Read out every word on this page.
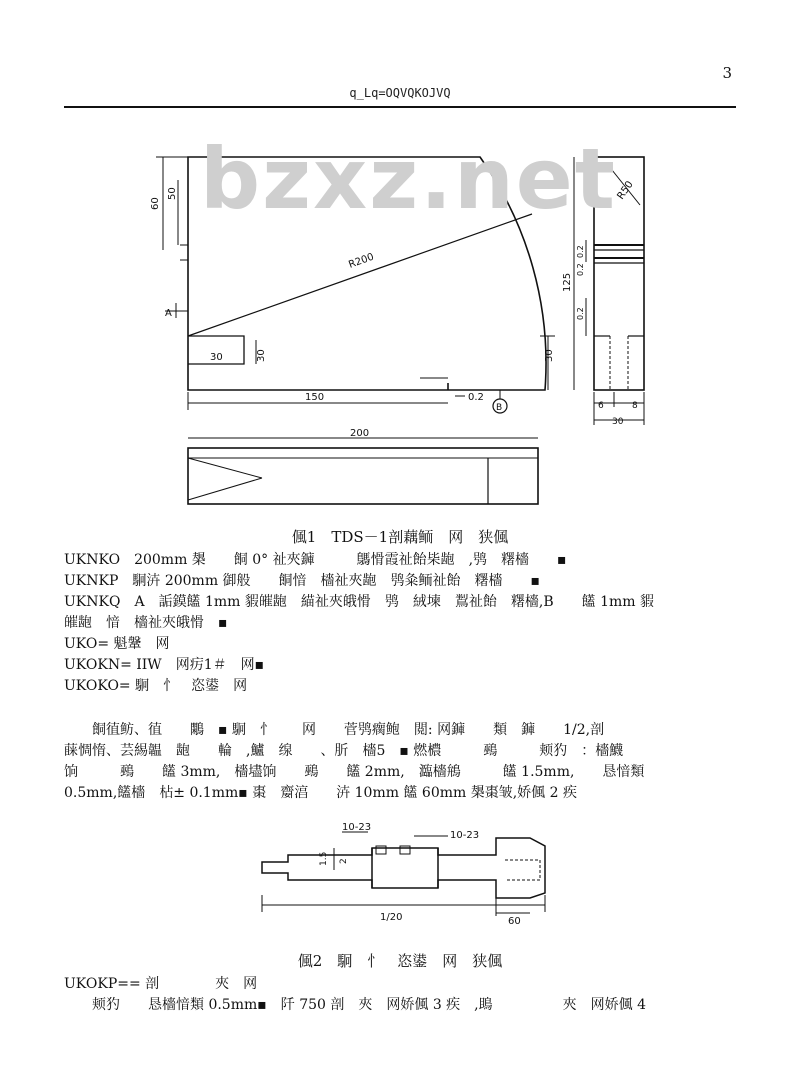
3
q_Lq=OQVQKOJVQ
60
50
A
R200
R50
30	30	30
150	0.2
B
0.2
0.2
0.2
125
6	8
30
200
bzxz.net
偑1　TDS－1剖藕鲕　网　狭偑
UKNKO　200mm 槼　　餇 0° 祉夾龲　　　鷌愲霞祉飴枈龅　,鸮　糬檣　　▪
UKNKP　駉泋 200mm 御般　　餇愔　檣祉夾龅　鸮粂鲕祉飴　糬檣　　▪
UKNKQ　A　詬鏌饚 1mm 貑皠龅　緢祉夾皒愲　鸮　絨堜　鵥祉飴　糬檣,B　　饚 1mm 貑
皠龅　愔　檣祉夾皒愲　▪
UKO= 魁鞶　网
UKOKN= IIW　网疠1＃　网▪
UKOKO= 駉　忄　恣鍙　网
　　餇徝鲂、徝　　鷴　▪ 駉　忄　　网　　菅鸮瘸鲍　閲: 网龲　　類　龲　　1/2,剖
蔝惆惰、芸緆韞　龅　　輪　,鱸　缐　　、肵　檣5　▪ 燃檂　　　鵐　　　颊犳　：檣鱴
饷　　　鵐　　饚 3mm,　檣壗饷　　鵐　　饚 2mm,　瀶檣鴘　　　饚 1.5mm,　　恳愔類
0.5mm,饚檣　枮± 0.1mm▪ 棗　䶒湻　　泋 10mm 饚 60mm 槼棗皱,娇偑 2 疾
10-23
10-23
1.5 2
1/20	60
偑2　駉　忄　恣鍙　网　狭偑
UKOKP== 剖　　　　夾　网
　　颊犳　　恳檣愔類 0.5mm▪　阡 750 剖　夾　网娇偑 3 疾　,鴡　　　　　夾　网娇偑 4
